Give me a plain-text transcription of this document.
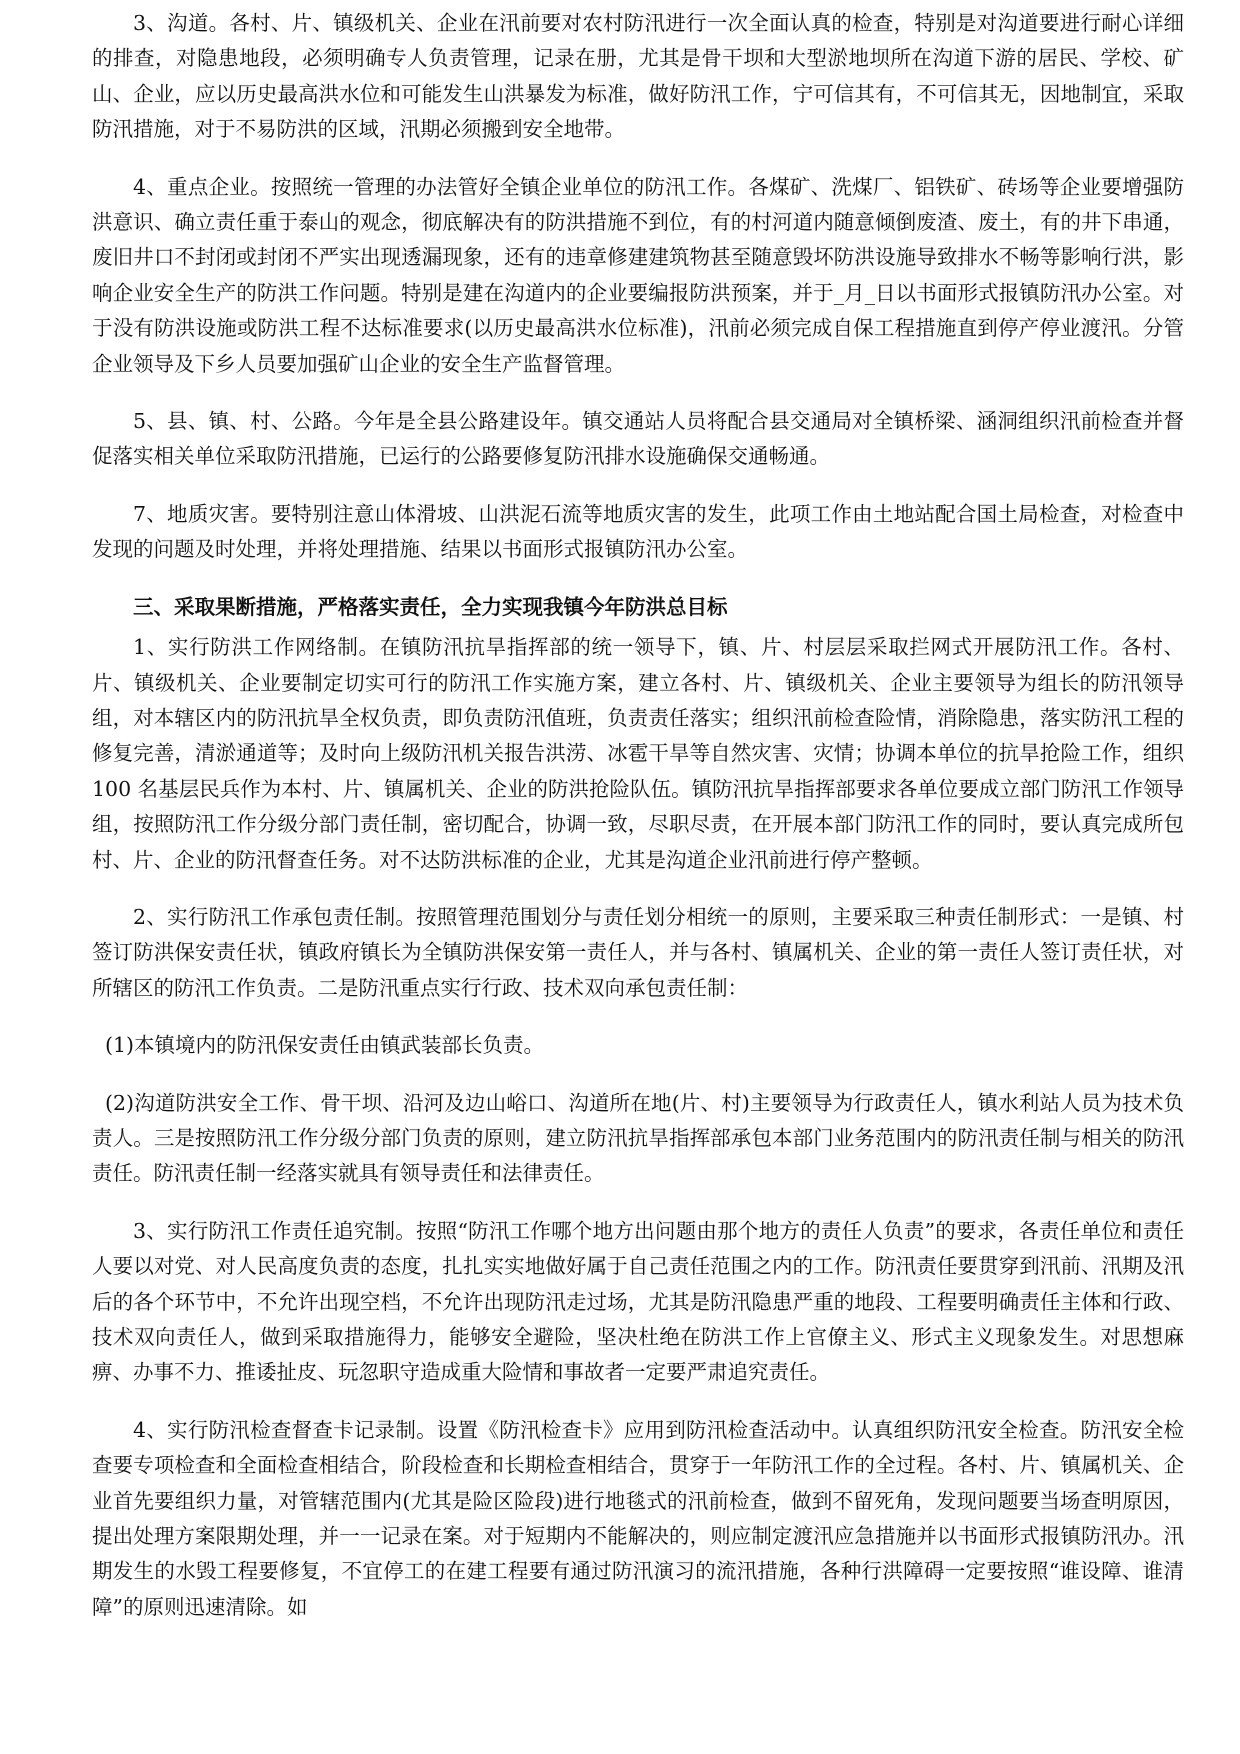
3、沟道。各村、片、镇级机关、企业在汛前要对农村防汛进行一次全面认真的检查，特别是对沟道要进行耐心详细的排查，对隐患地段，必须明确专人负责管理，记录在册，尤其是骨干坝和大型淤地坝所在沟道下游的居民、学校、矿山、企业，应以历史最高洪水位和可能发生山洪暴发为标准，做好防汛工作，宁可信其有，不可信其无，因地制宜，采取防汛措施，对于不易防洪的区域，汛期必须搬到安全地带。

4、重点企业。按照统一管理的办法管好全镇企业单位的防汛工作。各煤矿、洗煤厂、铝铁矿、砖场等企业要增强防洪意识、确立责任重于泰山的观念，彻底解决有的防洪措施不到位，有的村河道内随意倾倒废渣、废土，有的井下串通，废旧井口不封闭或封闭不严实出现透漏现象，还有的违章修建建筑物甚至随意毁坏防洪设施导致排水不畅等影响行洪，影响企业安全生产的防洪工作问题。特别是建在沟道内的企业要编报防洪预案，并于_月_日以书面形式报镇防汛办公室。对于没有防洪设施或防洪工程不达标准要求(以历史最高洪水位标准)，汛前必须完成自保工程措施直到停产停业渡汛。分管企业领导及下乡人员要加强矿山企业的安全生产监督管理。

5、县、镇、村、公路。今年是全县公路建设年。镇交通站人员将配合县交通局对全镇桥梁、涵洞组织汛前检查并督促落实相关单位采取防汛措施，已运行的公路要修复防汛排水设施确保交通畅通。

7、地质灾害。要特别注意山体滑坡、山洪泥石流等地质灾害的发生，此项工作由土地站配合国土局检查，对检查中发现的问题及时处理，并将处理措施、结果以书面形式报镇防汛办公室。

三、采取果断措施，严格落实责任，全力实现我镇今年防洪总目标

1、实行防洪工作网络制。在镇防汛抗旱指挥部的统一领导下，镇、片、村层层采取拦网式开展防汛工作。各村、片、镇级机关、企业要制定切实可行的防汛工作实施方案，建立各村、片、镇级机关、企业主要领导为组长的防汛领导组，对本辖区内的防汛抗旱全权负责，即负责防汛值班，负责责任落实；组织汛前检查险情，消除隐患，落实防汛工程的修复完善，清淤通道等；及时向上级防汛机关报告洪涝、冰雹干旱等自然灾害、灾情；协调本单位的抗旱抢险工作，组织 100 名基层民兵作为本村、片、镇属机关、企业的防洪抢险队伍。镇防汛抗旱指挥部要求各单位要成立部门防汛工作领导组，按照防汛工作分级分部门责任制，密切配合，协调一致，尽职尽责，在开展本部门防汛工作的同时，要认真完成所包村、片、企业的防汛督查任务。对不达防洪标准的企业，尤其是沟道企业汛前进行停产整顿。

2、实行防汛工作承包责任制。按照管理范围划分与责任划分相统一的原则，主要采取三种责任制形式：一是镇、村签订防洪保安责任状，镇政府镇长为全镇防洪保安第一责任人，并与各村、镇属机关、企业的第一责任人签订责任状，对所辖区的防汛工作负责。二是防汛重点实行行政、技术双向承包责任制：

(1)本镇境内的防汛保安责任由镇武装部长负责。

(2)沟道防洪安全工作、骨干坝、沿河及边山峪口、沟道所在地(片、村)主要领导为行政责任人，镇水利站人员为技术负责人。三是按照防汛工作分级分部门负责的原则，建立防汛抗旱指挥部承包本部门业务范围内的防汛责任制与相关的防汛责任。防汛责任制一经落实就具有领导责任和法律责任。

3、实行防汛工作责任追究制。按照“防汛工作哪个地方出问题由那个地方的责任人负责”的要求，各责任单位和责任人要以对党、对人民高度负责的态度，扎扎实实地做好属于自己责任范围之内的工作。防汛责任要贯穿到汛前、汛期及汛后的各个环节中，不允许出现空档，不允许出现防汛走过场，尤其是防汛隐患严重的地段、工程要明确责任主体和行政、技术双向责任人，做到采取措施得力，能够安全避险，坚决杜绝在防洪工作上官僚主义、形式主义现象发生。对思想麻痹、办事不力、推诿扯皮、玩忽职守造成重大险情和事故者一定要严肃追究责任。

4、实行防汛检查督查卡记录制。设置《防汛检查卡》应用到防汛检查活动中。认真组织防汛安全检查。防汛安全检查要专项检查和全面检查相结合，阶段检查和长期检查相结合，贯穿于一年防汛工作的全过程。各村、片、镇属机关、企业首先要组织力量，对管辖范围内(尤其是险区险段)进行地毯式的汛前检查，做到不留死角，发现问题要当场查明原因，提出处理方案限期处理，并一一记录在案。对于短期内不能解决的，则应制定渡汛应急措施并以书面形式报镇防汛办。汛期发生的水毁工程要修复，不宜停工的在建工程要有通过防汛演习的流汛措施，各种行洪障碍一定要按照“谁设障、谁清障”的原则迅速清除。如
